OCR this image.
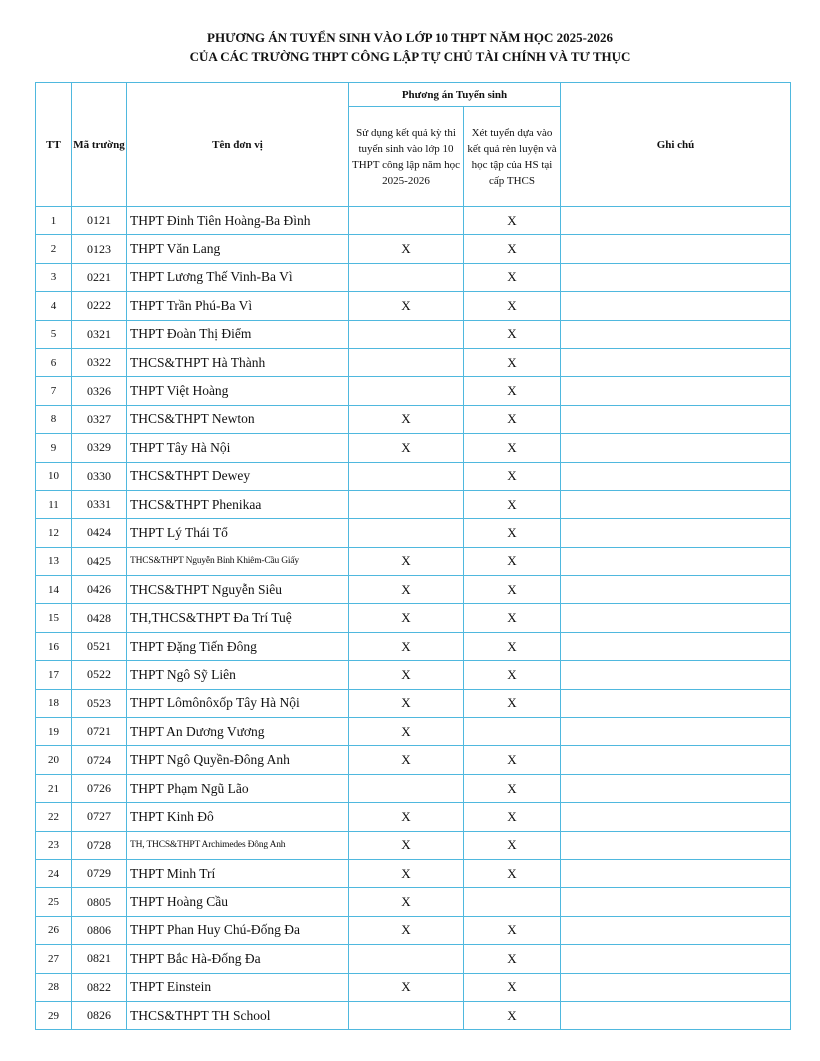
PHƯƠNG ÁN TUYỂN SINH VÀO LỚP 10 THPT NĂM HỌC 2025-2026
CỦA CÁC TRƯỜNG THPT CÔNG LẬP TỰ CHỦ TÀI CHÍNH VÀ TƯ THỤC
TT	Mã trường	Tên đơn vị	Phương án Tuyển sinh		Ghi chú
			Sử dụng kết quả kỳ thi tuyển sinh vào lớp 10 THPT công lập năm học 2025-2026	Xét tuyển dựa vào kết quả rèn luyện và học tập của HS tại cấp THCS	
1	0121	THPT Đinh Tiên Hoàng-Ba Đình		X	
2	0123	THPT Văn Lang	X	X	
3	0221	THPT Lương Thế Vinh-Ba Vì		X	
4	0222	THPT Trần Phú-Ba Vì	X	X	
5	0321	THPT Đoàn Thị Điểm		X	
6	0322	THCS&THPT Hà Thành		X	
7	0326	THPT Việt Hoàng		X	
8	0327	THCS&THPT Newton	X	X	
9	0329	THPT Tây Hà Nội	X	X	
10	0330	THCS&THPT Dewey		X	
11	0331	THCS&THPT Phenikaa		X	
12	0424	THPT Lý Thái Tổ		X	
13	0425	THCS&THPT Nguyễn Bỉnh Khiêm-Cầu Giấy	X	X	
14	0426	THCS&THPT Nguyễn Siêu	X	X	
15	0428	TH,THCS&THPT Đa Trí Tuệ	X	X	
16	0521	THPT Đặng Tiến Đông	X	X	
17	0522	THPT Ngô Sỹ Liên	X	X	
18	0523	THPT Lômônôxốp Tây Hà Nội	X	X	
19	0721	THPT An Dương Vương	X		
20	0724	THPT Ngô Quyền-Đông Anh	X	X	
21	0726	THPT Phạm Ngũ Lão		X	
22	0727	THPT Kinh Đô	X	X	
23	0728	TH, THCS&THPT Archimedes Đông Anh	X	X	
24	0729	THPT Minh Trí	X	X	
25	0805	THPT Hoàng Cầu	X		
26	0806	THPT Phan Huy Chú-Đống Đa	X	X	
27	0821	THPT Bắc Hà-Đống Đa		X	
28	0822	THPT Einstein	X	X	
29	0826	THCS&THPT TH School		X	
